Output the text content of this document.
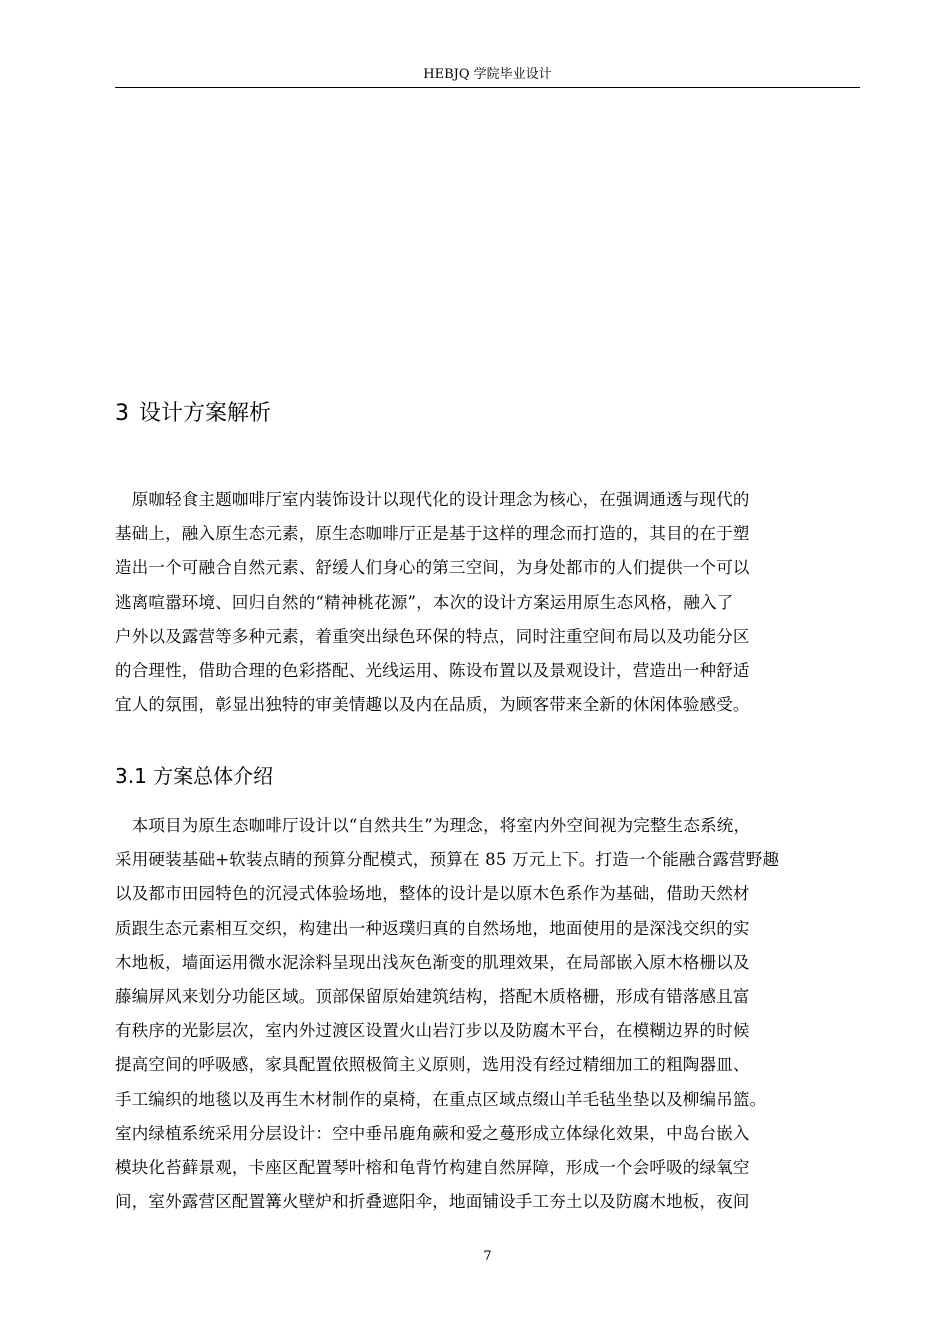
HEBJQ 学院毕业设计
3 设计方案解析
　原咖轻食主题咖啡厅室内装饰设计以现代化的设计理念为核心，在强调通透与现代的
基础上，融入原生态元素，原生态咖啡厅正是基于这样的理念而打造的，其目的在于塑
造出一个可融合自然元素、舒缓人们身心的第三空间，为身处都市的人们提供一个可以
逃离喧嚣环境、回归自然的“精神桃花源”，本次的设计方案运用原生态风格，融入了
户外以及露营等多种元素，着重突出绿色环保的特点，同时注重空间布局以及功能分区
的合理性，借助合理的色彩搭配、光线运用、陈设布置以及景观设计，营造出一种舒适
宜人的氛围，彰显出独特的审美情趣以及内在品质，为顾客带来全新的休闲体验感受。
3.1 方案总体介绍
　本项目为原生态咖啡厅设计以“自然共生”为理念，将室内外空间视为完整生态系统，
采用硬装基础+软装点睛的预算分配模式，预算在 85 万元上下。打造一个能融合露营野趣
以及都市田园特色的沉浸式体验场地，整体的设计是以原木色系作为基础，借助天然材
质跟生态元素相互交织，构建出一种返璞归真的自然场地，地面使用的是深浅交织的实
木地板，墙面运用微水泥涂料呈现出浅灰色渐变的肌理效果，在局部嵌入原木格栅以及
藤编屏风来划分功能区域。顶部保留原始建筑结构，搭配木质格栅，形成有错落感且富
有秩序的光影层次，室内外过渡区设置火山岩汀步以及防腐木平台，在模糊边界的时候
提高空间的呼吸感，家具配置依照极简主义原则，选用没有经过精细加工的粗陶器皿、
手工编织的地毯以及再生木材制作的桌椅，在重点区域点缀山羊毛毡坐垫以及柳编吊篮。
室内绿植系统采用分层设计：空中垂吊鹿角蕨和爱之蔓形成立体绿化效果，中岛台嵌入
模块化苔藓景观，卡座区配置琴叶榕和龟背竹构建自然屏障，形成一个会呼吸的绿氧空
间，室外露营区配置篝火壁炉和折叠遮阳伞，地面铺设手工夯土以及防腐木地板，夜间
7
